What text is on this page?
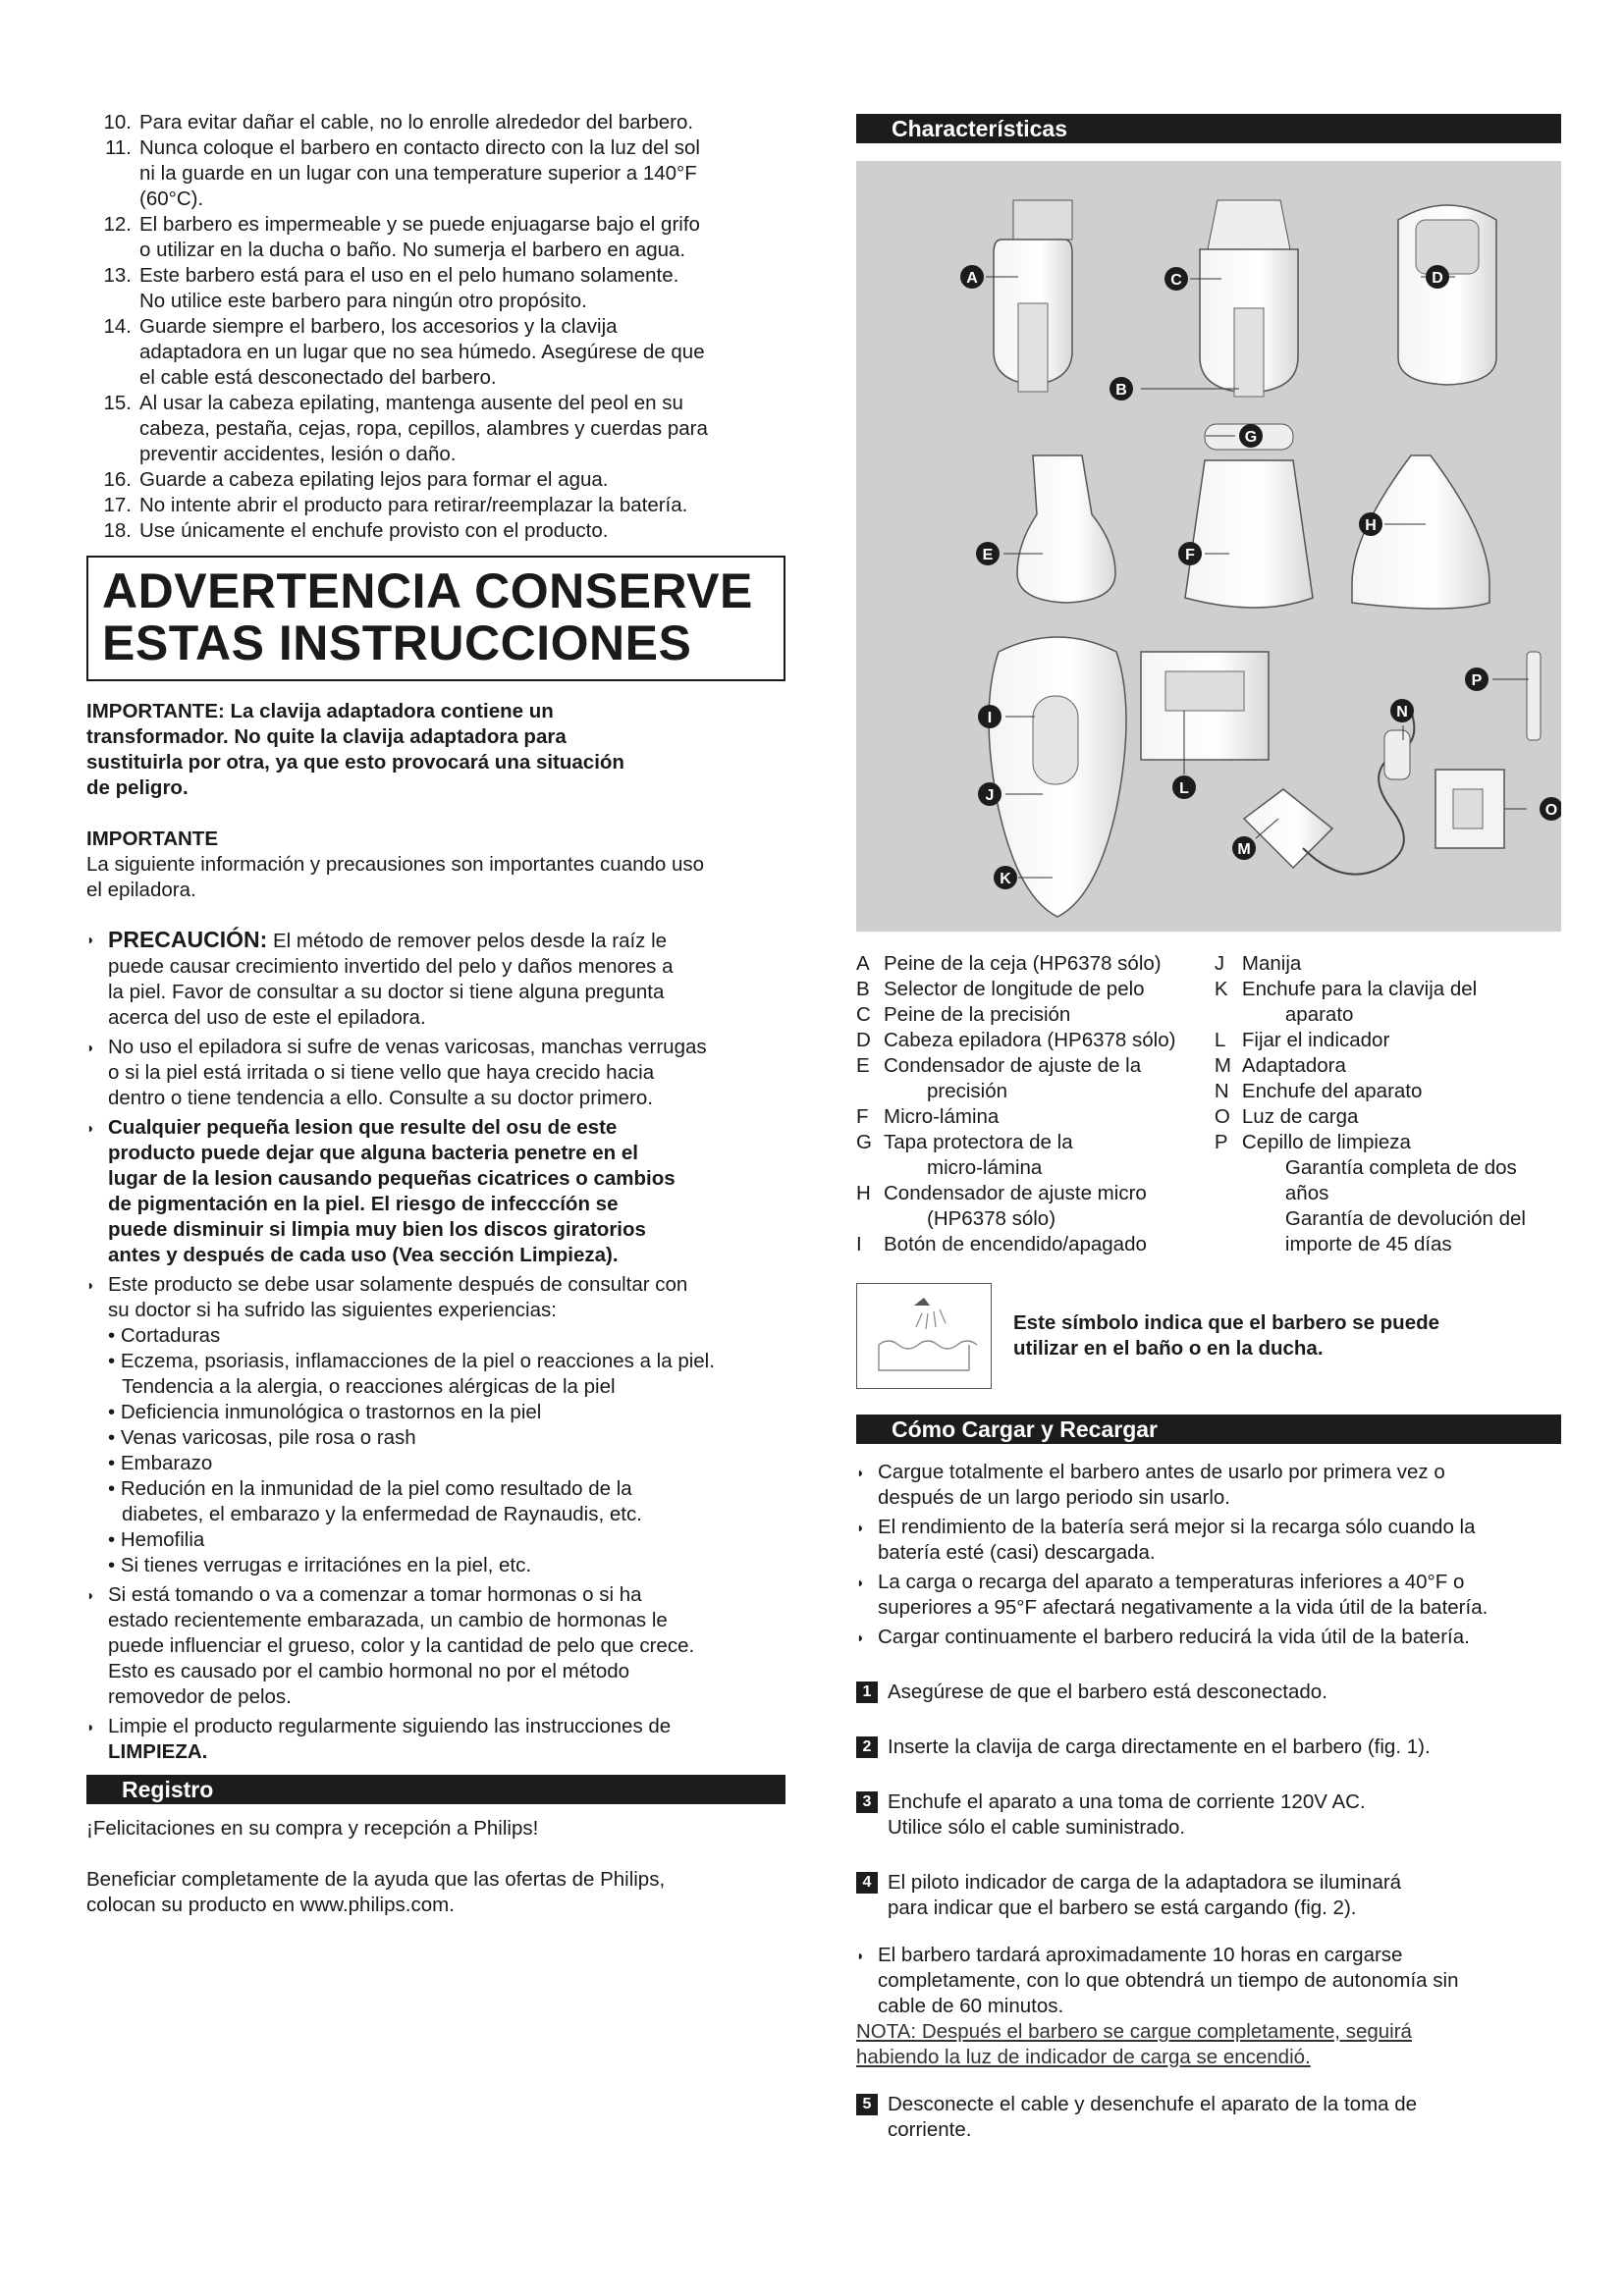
10. Para evitar dañar el cable, no lo enrolle alrededor del barbero.
11. Nunca coloque el barbero en contacto directo con la luz del sol
ni la guarde en un lugar con una temperature superior a 140°F
(60°C).
12. El barbero es impermeable y se puede enjuagarse bajo el grifo
o utilizar en la ducha o baño. No sumerja el barbero en agua.
13. Este barbero está para el uso en el pelo humano solamente.
No utilice este barbero para ningún otro propósito.
14. Guarde siempre el barbero, los accesorios y la clavija
adaptadora en un lugar que no sea húmedo. Asegúrese de que
el cable está desconectado del barbero.
15. Al usar la cabeza epilating, mantenga ausente del peol en su
cabeza, pestaña, cejas, ropa, cepillos, alambres y cuerdas para
preventir accidentes, lesión o daño.
16. Guarde a cabeza epilating lejos para formar el agua.
17. No intente abrir el producto para retirar/reemplazar la batería.
18. Use únicamente el enchufe provisto con el producto.
ADVERTENCIA CONSERVE
ESTAS INSTRUCCIONES
IMPORTANTE: La clavija adaptadora contiene un
transformador. No quite la clavija adaptadora para
sustituirla por otra, ya que esto provocará una situación
de peligro.
IMPORTANTE
La siguiente información y precausiones son importantes cuando uso
el epiladora.
◗ PRECAUCIÓN: El método de remover pelos desde la raíz le
puede causar crecimiento invertido del pelo y daños menores a
la piel. Favor de consultar a su doctor si tiene alguna pregunta
acerca del uso de este el epiladora.
◗ No uso el epiladora si sufre de venas varicosas, manchas verrugas
o si la piel está irritada o si tiene vello que haya crecido hacia
dentro o tiene tendencia a ello. Consulte a su doctor primero.
◗ Cualquier pequeña lesion que resulte del osu de este
producto puede dejar que alguna bacteria penetre en el
lugar de la lesion causando pequeñas cicatrices o cambios
de pigmentación en la piel. El riesgo de infecccíón se
puede disminuir si limpia muy bien los discos giratorios
antes y después de cada uso (Vea sección Limpieza).
◗ Este producto se debe usar solamente después de consultar con
su doctor si ha sufrido las siguientes experiencias:
• Cortaduras
• Eczema, psoriasis, inflamacciones de la piel o reacciones a la piel.
Tendencia a la alergia, o reacciones alérgicas de la piel
• Deficiencia inmunológica o trastornos en la piel
• Venas varicosas, pile rosa o rash
• Embarazo
• Redución en la inmunidad de la piel como resultado de la
diabetes, el embarazo y la enfermedad de Raynaudis, etc.
• Hemofilia
• Si tienes verrugas e irritaciónes en la piel, etc.
◗ Si está tomando o va a comenzar a tomar hormonas o si ha
estado recientemente embarazada, un cambio de hormonas le
puede influenciar el grueso, color y la cantidad de pelo que crece.
Esto es causado por el cambio hormonal no por el método
removedor de pelos.
◗ Limpie el producto regularmente siguiendo las instrucciones de
LIMPIEZA.
Registro
¡Felicitaciones en su compra y recepción a Philips!
Beneficiar completamente de la ayuda que las ofertas de Philips,
colocan su producto en www.philips.com.
Characterísticas
A
B
C	D
E	F
G
H
I
J
K
L
M
N
O
P
A Peine de la ceja (HP6378 sólo)
B Selector de longitude de pelo
C Peine de la precisión
D Cabeza epiladora (HP6378 sólo)
E Condensador de ajuste de la
precisión
F Micro-lámina
G Tapa protectora de la
micro-lámina
H Condensador de ajuste micro
(HP6378 sólo)
I	Botón de encendido/apagado
J Manija
K Enchufe para la clavija del
aparato
L Fijar el indicador
M Adaptadora
N Enchufe del aparato
O Luz de carga
P Cepillo de limpieza
Garantía completa de dos años
Garantía de devolución del
importe de 45 días
Este símbolo indica que el barbero se puede
utilizar en el baño o en la ducha.
Cómo Cargar y Recargar
◗ Cargue totalmente el barbero antes de usarlo por primera vez o
después de un largo periodo sin usarlo.
◗ El rendimiento de la batería será mejor si la recarga sólo cuando la
batería esté (casi) descargada.
◗ La carga o recarga del aparato a temperaturas inferiores a 40°F o
superiores a 95°F afectará negativamente a la vida útil de la batería.
◗ Cargar continuamente el barbero reducirá la vida útil de la batería.
1 Asegúrese de que el barbero está desconectado.
2 Inserte la clavija de carga directamente en el barbero (fig. 1).
3 Enchufe el aparato a una toma de corriente 120V AC.
Utilice sólo el cable suministrado.
4 El piloto indicador de carga de la adaptadora se iluminará
para indicar que el barbero se está cargando (fig. 2).
◗ El barbero tardará aproximadamente 10 horas en cargarse
completamente, con lo que obtendrá un tiempo de autonomía sin
cable de 60 minutos.
NOTA: Después el barbero se cargue completamente, seguirá
habiendo la luz de indicador de carga se encendió.
5 Desconecte el cable y desenchufe el aparato de la toma de
corriente.
